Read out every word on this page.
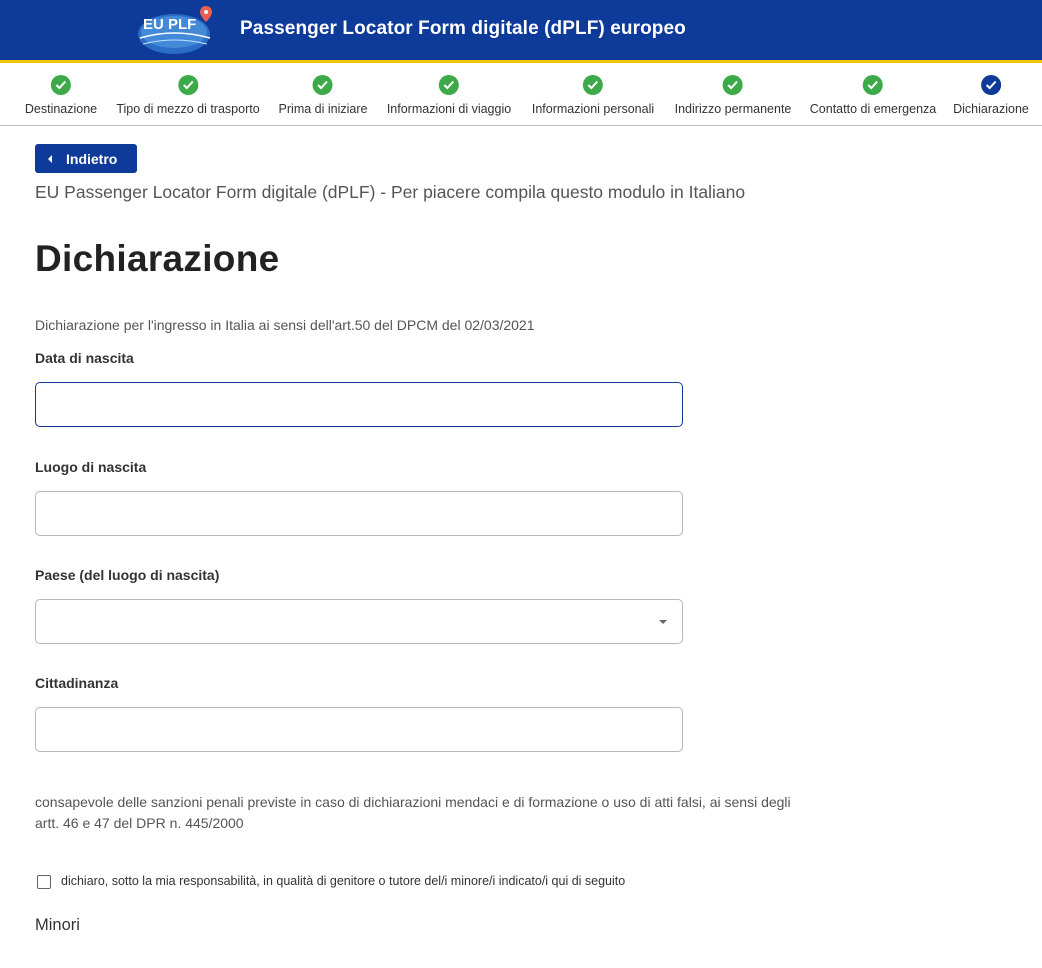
EU PLF Passenger Locator Form digitale (dPLF) europeo
Destinazione Tipo di mezzo di trasporto Prima di iniziare Informazioni di viaggio Informazioni personali Indirizzo permanente Contatto di emergenza Dichiarazione
Indietro
EU Passenger Locator Form digitale (dPLF) - Per piacere compila questo modulo in Italiano
Dichiarazione
Dichiarazione per l'ingresso in Italia ai sensi dell'art.50 del DPCM del 02/03/2021
Data di nascita
Luogo di nascita
Paese (del luogo di nascita)
Cittadinanza
consapevole delle sanzioni penali previste in caso di dichiarazioni mendaci e di formazione o uso di atti falsi, ai sensi degli artt. 46 e 47 del DPR n. 445/2000
dichiaro, sotto la mia responsabilità, in qualità di genitore o tutore del/i minore/i indicato/i qui di seguito
Minori
